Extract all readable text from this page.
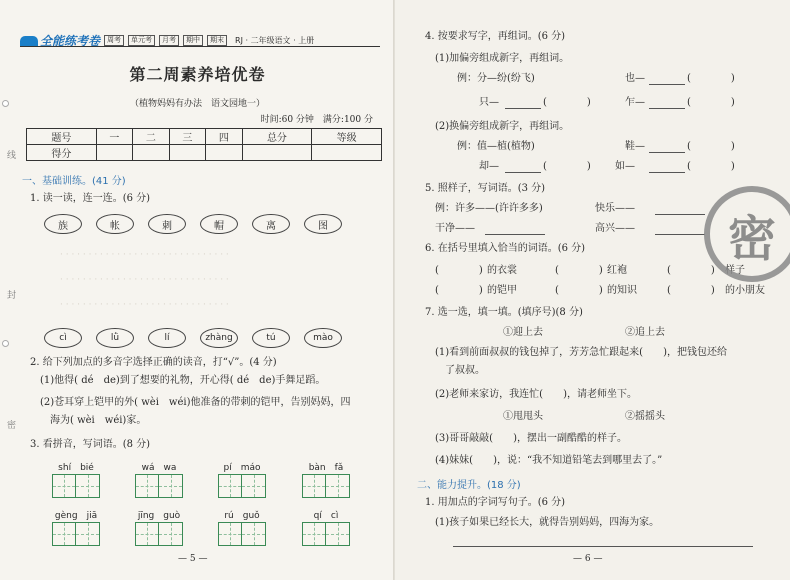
线
封
密
全能练考卷	周考	单元考	月考	期中	期末	RJ · 二年级语文 · 上册
第二周素养培优卷
（植物妈妈有办法　语文园地一）
时间:60 分钟　满分:100 分
题号	一	二	三	四	总分	等级
得分						
一、基础训练。(41 分)
1. 读一读，连一连。(6 分)
族	帐	刺	帽	离	图
· · · · · · · · · · · · · · · · · · · · · · · · · · · · · ·
· · · · · · · · · · · · · · · · · · · · · · · · · · · · · ·
· · · · · · · · · · · · · · · · · · · · · · · · · · · · · ·
cì	lǜ	lí	zhàng	tú	mào
2. 给下列加点的多音字选择正确的读音，打“√”。(4 分)
(1)他得( dé　de)到了想要的礼物，开心得( dé　de)手舞足蹈。
(2)苍耳穿上铠甲的外( wèi　wéi)他准备的带刺的铠甲，告别妈妈，四
　海为( wèi　wéi)家。
3. 看拼音，写词语。(8 分)
shí　bié	wá　wa	pí　máo	bàn　fǎ
gèng　jiā	jīng　guò	rú　guǒ	qí　cì
— 5 —
4. 按要求写字，再组词。(6 分)
(1)加偏旁组成新字，再组词。
例：分—纷(纷飞)	也—	(　　　　)
只—	(　　　　)	乍—	(　　　　)
(2)换偏旁组成新字，再组词。
例：值—植(植物)	鞋—	(　　　　)
却—	(　　　　) 如—	(　　　　)
5. 照样子，写词语。(3 分)
例：许多——(许许多多)	快乐——
干净——	高兴——
6. 在括号里填入恰当的词语。(6 分)
(　　　　) 的衣裳	(　　　　) 红袍	(　　　　) 样子
(　　　　) 的铠甲	(　　　　) 的知识	(　　　　) 的小朋友
7. 选一选，填一填。(填序号)(8 分)
①迎上去	②追上去
(1)看到前面叔叔的钱包掉了，芳芳急忙跟起来(　　)，把钱包还给
　了叔叔。
(2)老师来家访，我连忙(　　)，请老师坐下。
①甩甩头	②摇摇头
(3)哥哥敲敲(　　)，摆出一副酷酷的样子。
(4)妹妹(　　)，说：“我不知道铅笔去到哪里去了。”
二、能力提升。(18 分)
1. 用加点的字词写句子。(6 分)
(1)孩子如果已经长大，就得告别妈妈，四海为家。
— 6 —
密
